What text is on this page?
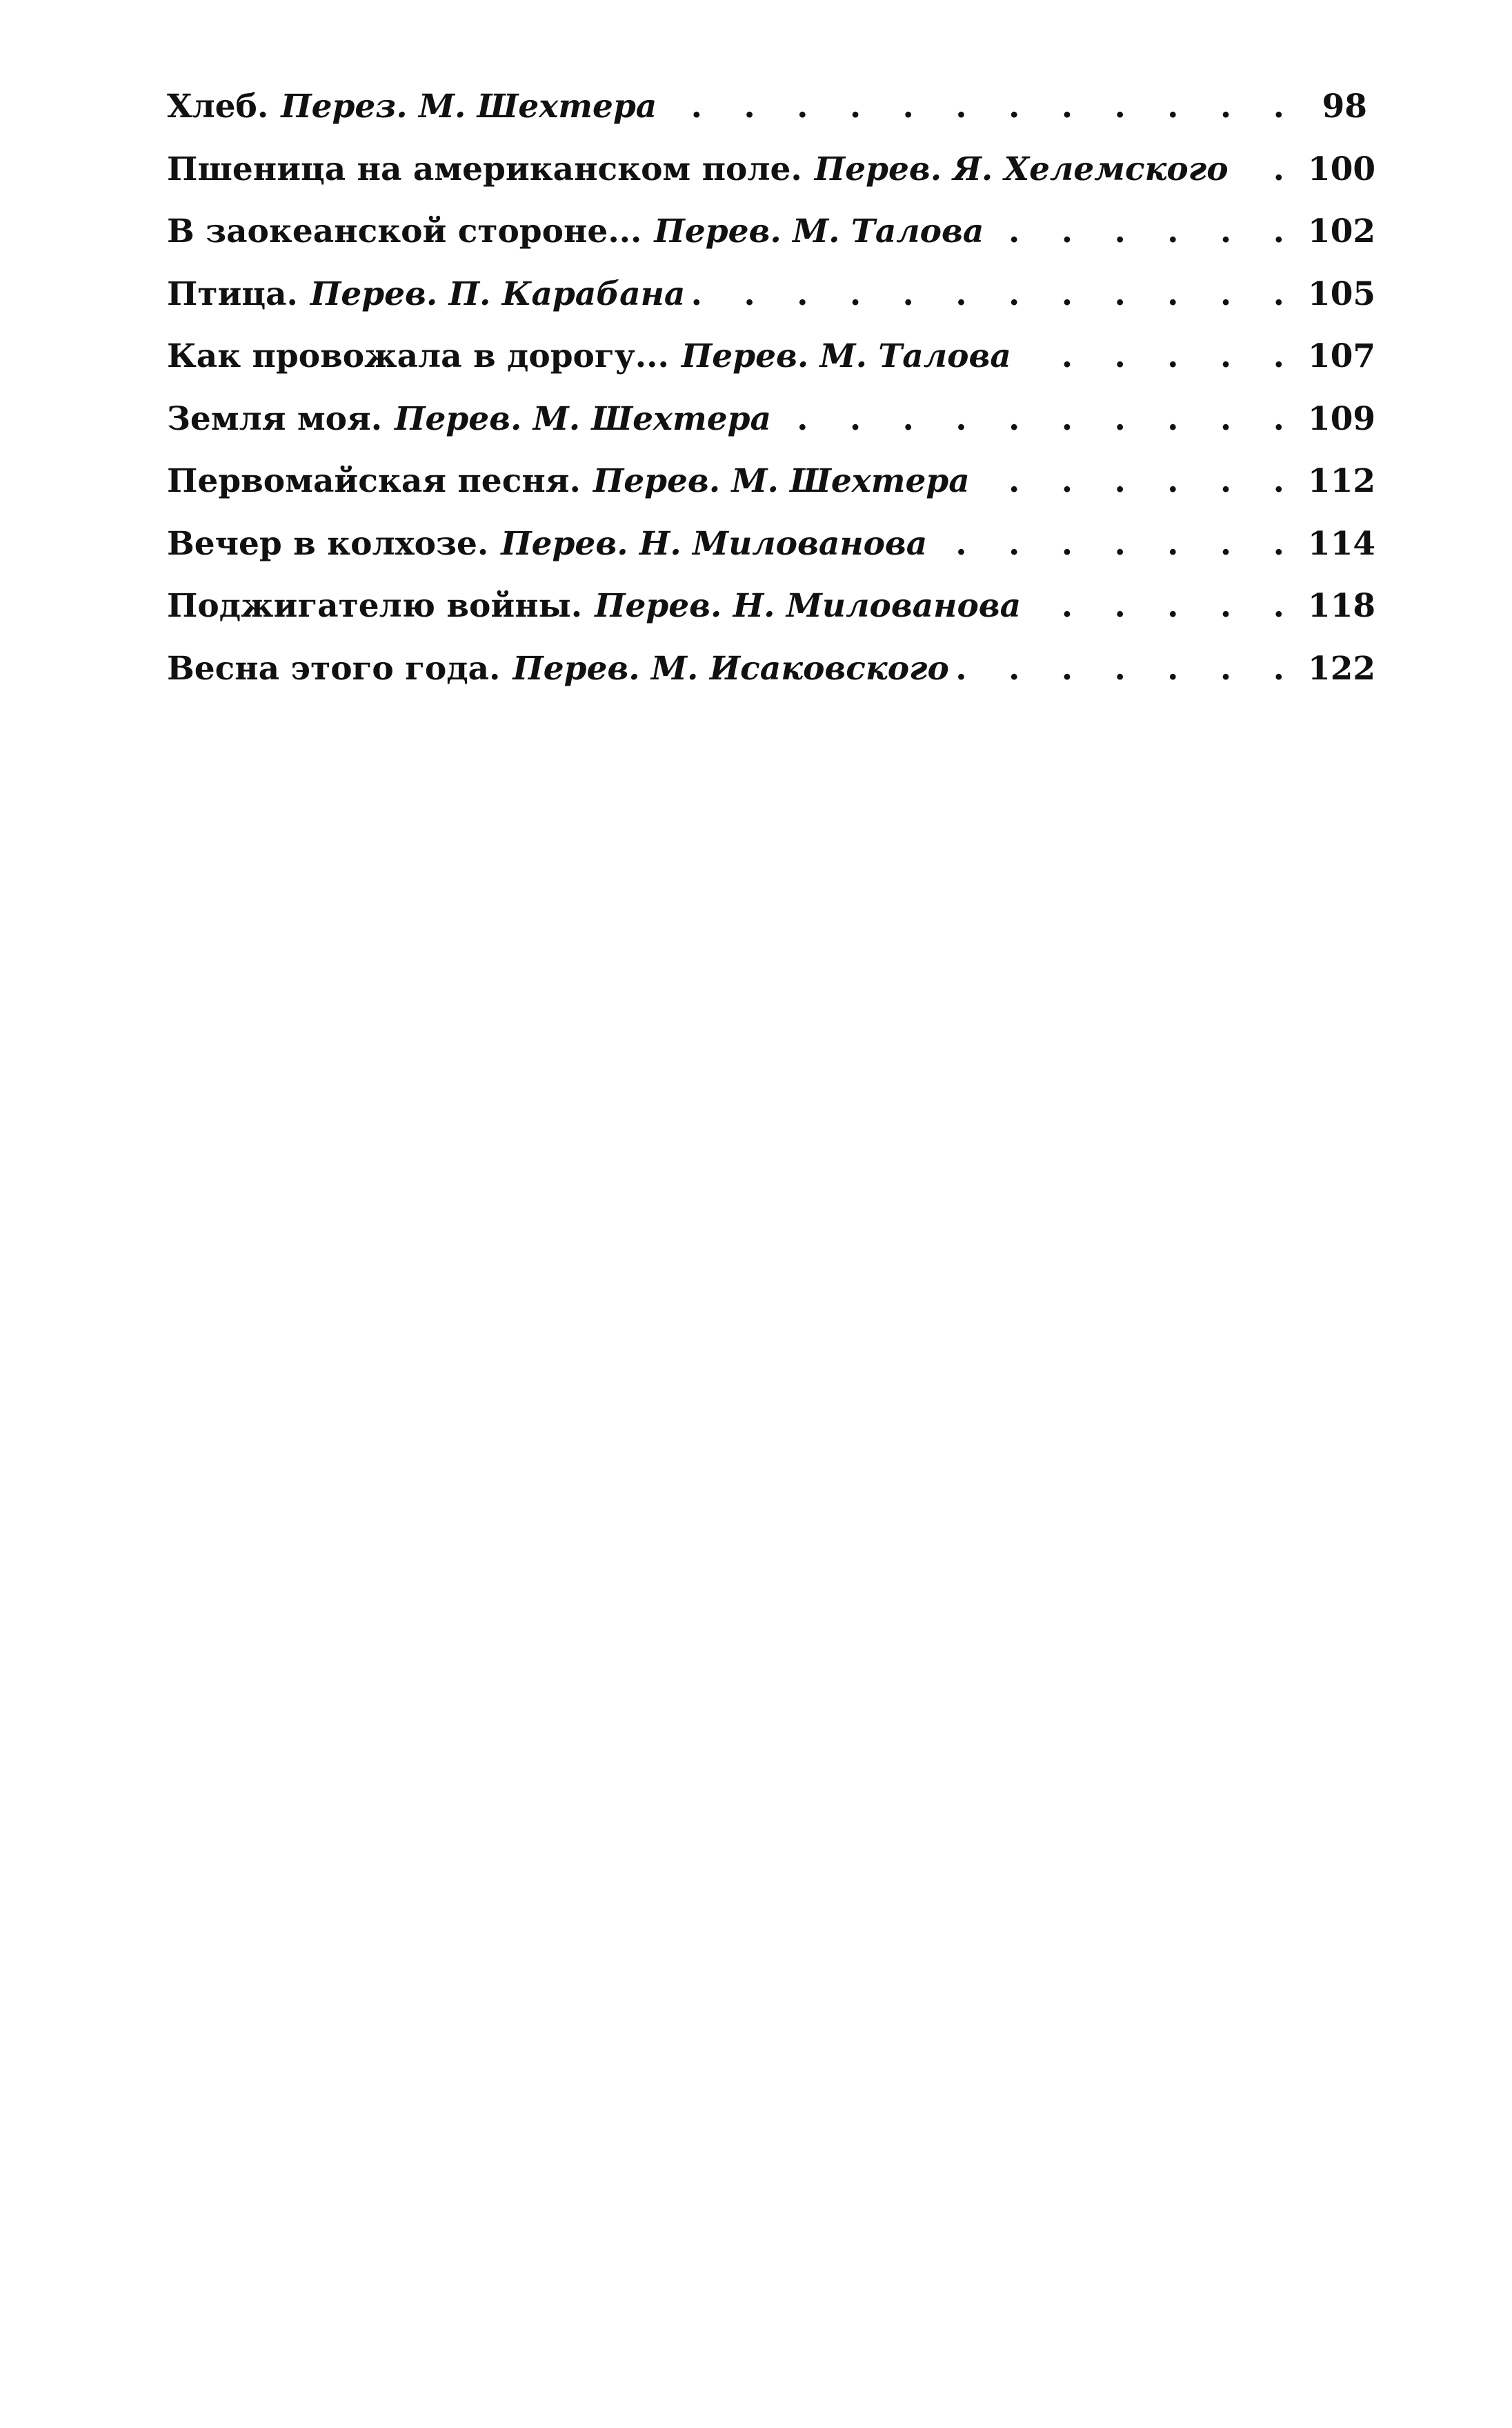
Хлеб. Перез. М. Шехтера . . .	98
Пшеница на американском поле. Перев. Я. Хелемского . . . 100
В заокеанской стороне... Перев. М. Талова . . .	102
Птица. Перев. П. Карабана . . .	105
Как провожала в дорогу... Перев. М. Талова . . .	107
Земля моя. Перев. М. Шехтера . . .	109
Первомайская песня. Перев. М. Шехтера . . .	112
Вечер в колхозе. Перев. Н. Милованова . . .	114
Поджигателю войны. Перев. Н. Милованова . . .	118
Весна этого года. Перев. М. Исаковского . . .	122
